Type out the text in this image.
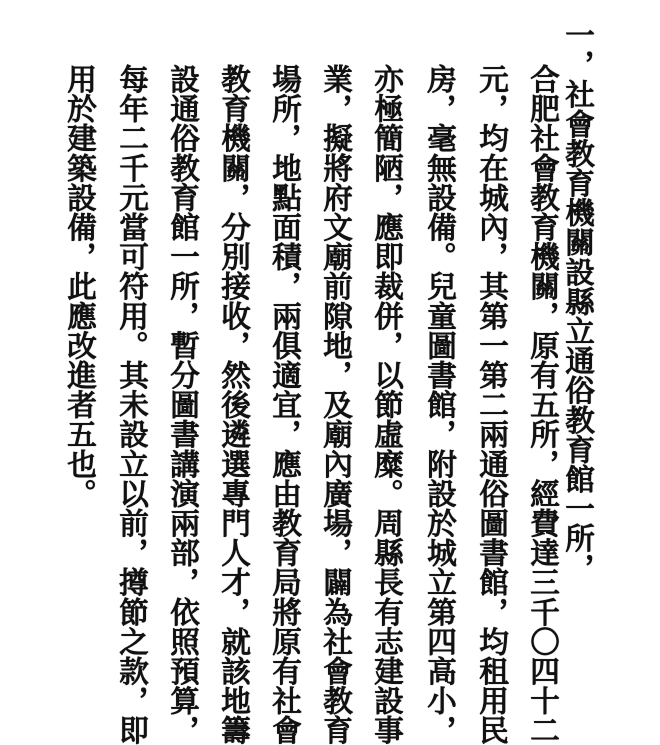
一，社會教育機關設縣立通俗教育館一所，
合肥社會教育機關，原有五所，經費達三千〇四十二
元，均在城內，其第一第二兩通俗圖書館，均租用民
房，毫無設備。兒童圖書館，附設於城立第四高小，
亦極簡陋，應即裁併，以節虛糜。周縣長有志建設事
業，擬將府文廟前隙地，及廟內廣場，闢為社會教育
場所，地點面積，兩俱適宜，應由教育局將原有社會
教育機關，分別接收，然後遴選專門人才，就該地籌
設通俗教育館一所，暫分圖書講演兩部，依照預算，
每年二千元當可符用。其未設立以前，撙節之款，即
用於建築設備，此應改進者五也。
